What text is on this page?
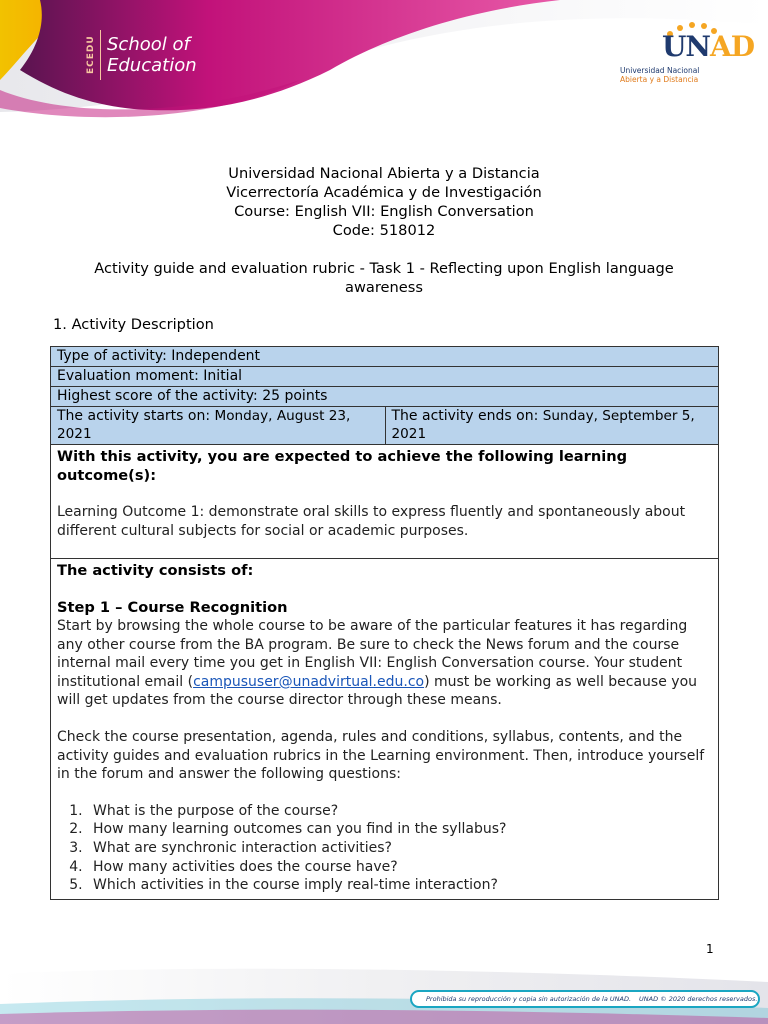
ECEDU School of
Education
UNAD
Universidad Nacional
Abierta y a Distancia
Universidad Nacional Abierta y a Distancia
Vicerrectoría Académica y de Investigación
Course: English VII: English Conversation
Code: 518012
Activity guide and evaluation rubric - Task 1 - Reflecting upon English language awareness
1. Activity Description
Type of activity: Independent
Evaluation moment: Initial
Highest score of the activity: 25 points
The activity starts on: Monday, August 23, 2021
The activity ends on: Sunday, September 5, 2021
With this activity, you are expected to achieve the following learning outcome(s):
Learning Outcome 1: demonstrate oral skills to express fluently and spontaneously about different cultural subjects for social or academic purposes.
The activity consists of:
Step 1 – Course Recognition
Start by browsing the whole course to be aware of the particular features it has regarding any other course from the BA program. Be sure to check the News forum and the course internal mail every time you get in English VII: English Conversation course. Your student institutional email (campususer@unadvirtual.edu.co) must be working as well because you will get updates from the course director through these means.
Check the course presentation, agenda, rules and conditions, syllabus, contents, and the activity guides and evaluation rubrics in the Learning environment. Then, introduce yourself in the forum and answer the following questions:
1. What is the purpose of the course?
2. How many learning outcomes can you find in the syllabus?
3. What are synchronic interaction activities?
4. How many activities does the course have?
5. Which activities in the course imply real-time interaction?
1
Prohibida su reproducción y copia sin autorización de la UNAD. UNAD © 2020 derechos reservados.
